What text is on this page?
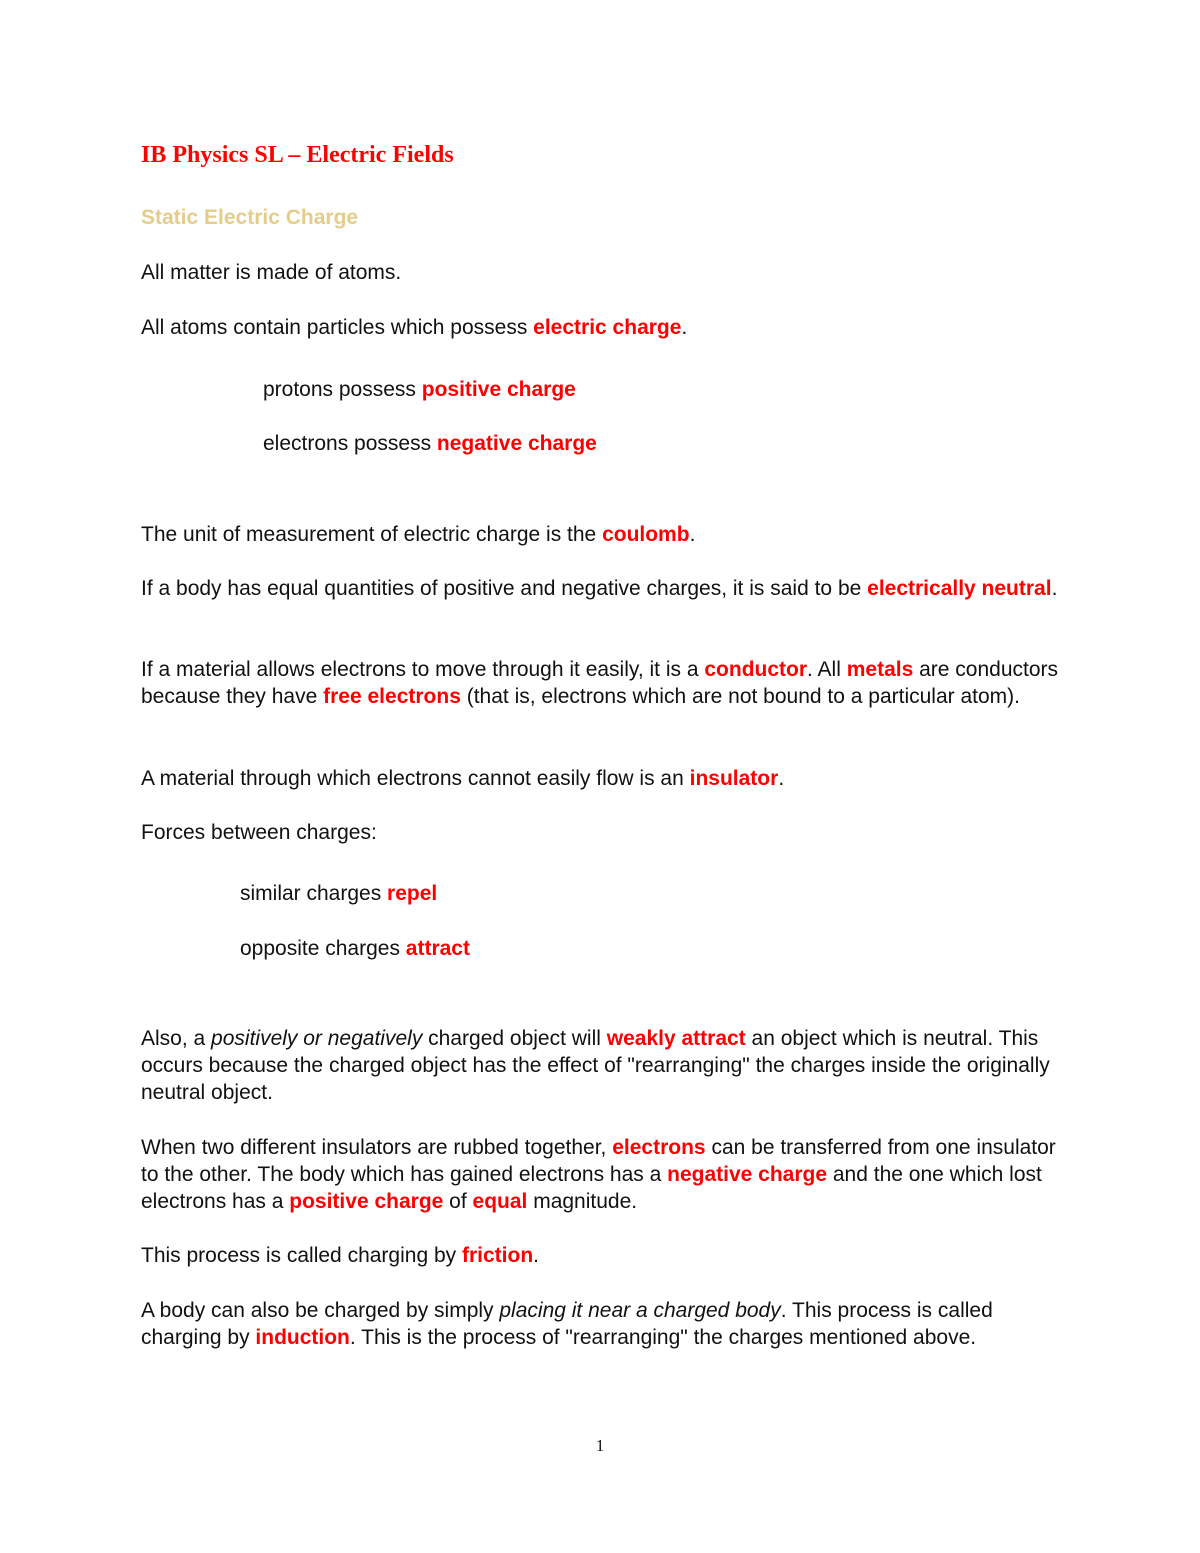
IB Physics SL – Electric Fields
Static Electric Charge

All matter is made of atoms.

All atoms contain particles which possess electric charge.

protons possess positive charge

electrons possess negative charge

The unit of measurement of electric charge is the coulomb.

If a body has equal quantities of positive and negative charges, it is said to be electrically neutral.

If a material allows electrons to move through it easily, it is a conductor. All metals are conductors because they have free electrons (that is, electrons which are not bound to a particular atom).

A material through which electrons cannot easily flow is an insulator.

Forces between charges:

similar charges repel

opposite charges attract

Also, a positively or negatively charged object will weakly attract an object which is neutral. This occurs because the charged object has the effect of "rearranging" the charges inside the originally neutral object.

When two different insulators are rubbed together, electrons can be transferred from one insulator to the other. The body which has gained electrons has a negative charge and the one which lost electrons has a positive charge of equal magnitude.

This process is called charging by friction.

A body can also be charged by simply placing it near a charged body. This process is called charging by induction. This is the process of "rearranging" the charges mentioned above.

1
